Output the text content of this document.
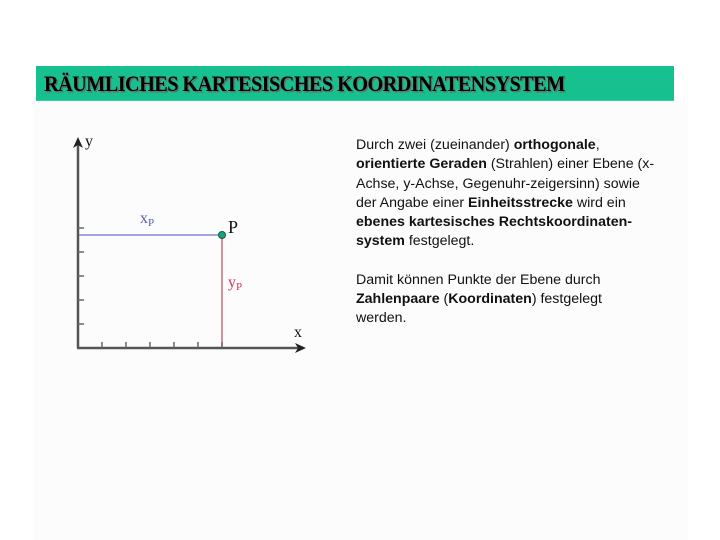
RÄUMLICHES KARTESISCHES KOORDINATENSYSTEM
y
x
P
$x_P$
$y_P$

Durch zwei (zueinander) orthogonale, orientierte Geraden (Strahlen) einer Ebene (x-Achse, y-Achse, Gegenuhr-zeigersinn) sowie der Angabe einer Einheitsstrecke wird ein ebenes kartesisches Rechtskoordinaten-system festgelegt.

Damit können Punkte der Ebene durch Zahlenpaare (Koordinaten) festgelegt werden.
